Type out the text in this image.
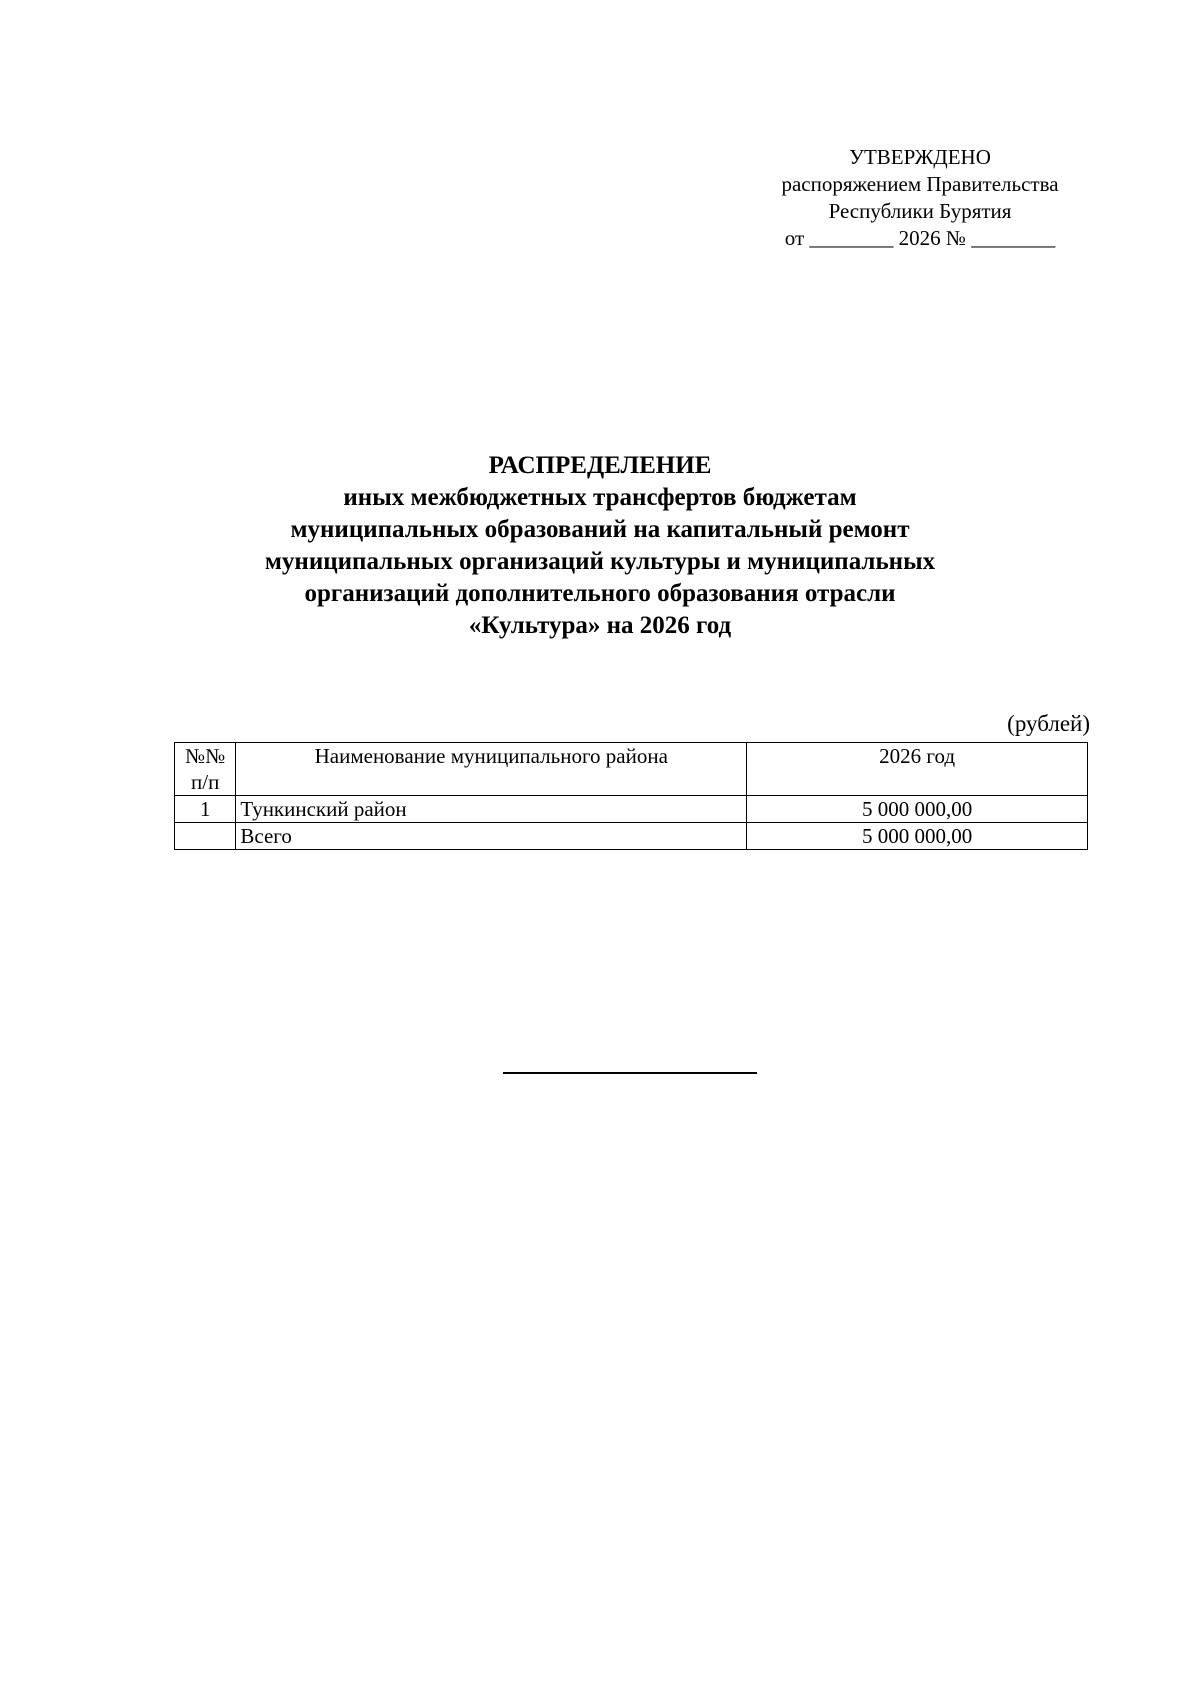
УТВЕРЖДЕНО
распоряжением Правительства
Республики Бурятия
от ________ 2026 № ________
РАСПРЕДЕЛЕНИЕ
иных межбюджетных трансфертов бюджетам
муниципальных образований на капитальный ремонт
муниципальных организаций культуры и муниципальных
организаций дополнительного образования отрасли
«Культура» на 2026 год
(рублей)
№№
п/п	Наименование муниципального района	2026 год
1	Тункинский район	5 000 000,00
	Всего	5 000 000,00
